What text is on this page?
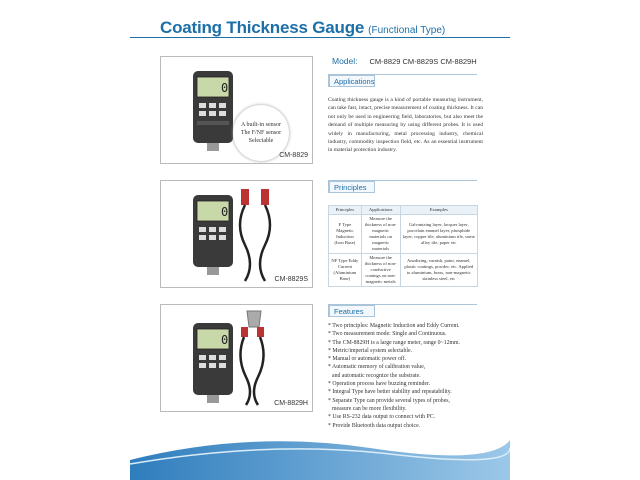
Coating Thickness Gauge (Functional Type)
0
A built-in sensor
The F/NF sensor
Selectable
CM-8829
0
CM-8829S
0
CM-8829H
Model: CM-8829 CM-8829S CM-8829H
Applications
Coating thickness gauge is a kind of portable measuring instrument, can take fast, intact, precise measurement of coating thickness. It can not only be used in engineering field, laboratories, but also meet the demand of multiple measuring by using different probes. It is used widely in manufacturing, metal processing industry, chemical industry, commodity inspection field, etc. As an essential instrument in material protection industry.
Principles
Principles	Applications	Examples
F Type Magnetic Induction (Iron Base)	Measure the thickness of non-magnetic materials on magnetic materials	Galvanizing layer, lacquer layer, porcelain enamel layer, phosphide layer, copper tile, aluminium tile, some alloy tile, paper etc
NF Type Eddy Current (Aluminium Base)	Measure the thickness of non-conductive coatings on non-magnetic metals	Anodizing, varnish, paint, enamel, plastic coatings, powder, etc. Applied to aluminium, brass, non-magnetic stainless steel, etc
Features
* Two principles: Magnetic Induction and Eddy Current.
* Two measurement mode: Single and Continuous.
* The CM-8829H is a large range meter, range 0~12mm.
* Metric/imperial system selectable.
* Manual or automatic power off.
* Automatic memory of calibration value,
and automatic recognize the substrate.
* Operation process have buzzing reminder.
* Integral Type have better stability and repeatability.
* Separate Type can provide several types of probes,
measure can be more flexibility.
* Use RS-232 data output to connect with PC.
* Provide Bluetooth data output choice.
